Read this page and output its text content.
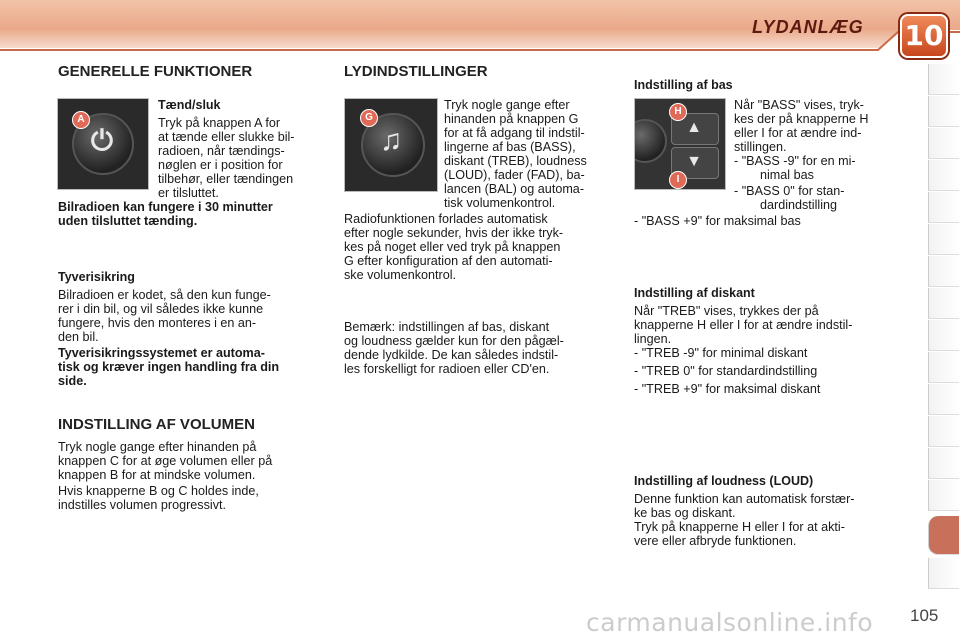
LYDANLÆG 10
GENERELLE FUNKTIONER
⏻
A
Tænd/sluk

Tryk på knappen A for

at tænde eller slukke bil-

radioen, når tændings-

nøglen er i position for

tilbehør, eller tændingen

er tilsluttet.

Bilradioen kan fungere i 30 minutter

uden tilsluttet tænding.

Tyverisikring

Bilradioen er kodet, så den kun funge-

rer i din bil, og vil således ikke kunne

fungere, hvis den monteres i en an-

den bil.

Tyverisikringssystemet er automa-

tisk og kræver ingen handling fra din

side.

INDSTILLING AF VOLUMEN

Tryk nogle gange efter hinanden på

knappen C for at øge volumen eller på

knappen B for at mindske volumen.

Hvis knapperne B og C holdes inde,

indstilles volumen progressivt.

LYDINDSTILLINGER
♫
G

Tryk nogle gange efter

hinanden på knappen G

for at få adgang til indstil-

lingerne af bas (BASS),

diskant (TREB), loudness

(LOUD), fader (FAD), ba-

lancen (BAL) og automa-

tisk volumenkontrol.

Radiofunktionen forlades automatisk

efter nogle sekunder, hvis der ikke tryk-

kes på noget eller ved tryk på knappen

G efter konfiguration af den automati-

ske volumenkontrol.

Bemærk: indstillingen af bas, diskant

og loudness gælder kun for den pågæl-

dende lydkilde. De kan således indstil-

les forskelligt for radioen eller CD'en.

Indstilling af bas
▲
▼
H
I

Når "BASS" vises, tryk-

kes der på knapperne H

eller I for at ændre ind-

stillingen.

- "BASS -9" for en mi-

nimal bas

- "BASS 0" for stan-

dardindstilling

- "BASS +9" for maksimal bas

Indstilling af diskant

Når "TREB" vises, trykkes der på

knapperne H eller I for at ændre indstil-

lingen.

- "TREB -9" for minimal diskant

- "TREB 0" for standardindstilling

- "TREB +9" for maksimal diskant

Indstilling af loudness (LOUD)

Denne funktion kan automatisk forstær-

ke bas og diskant.

Tryk på knapperne H eller I for at akti-

vere eller afbryde funktionen.

carmanualsonline.info 105
